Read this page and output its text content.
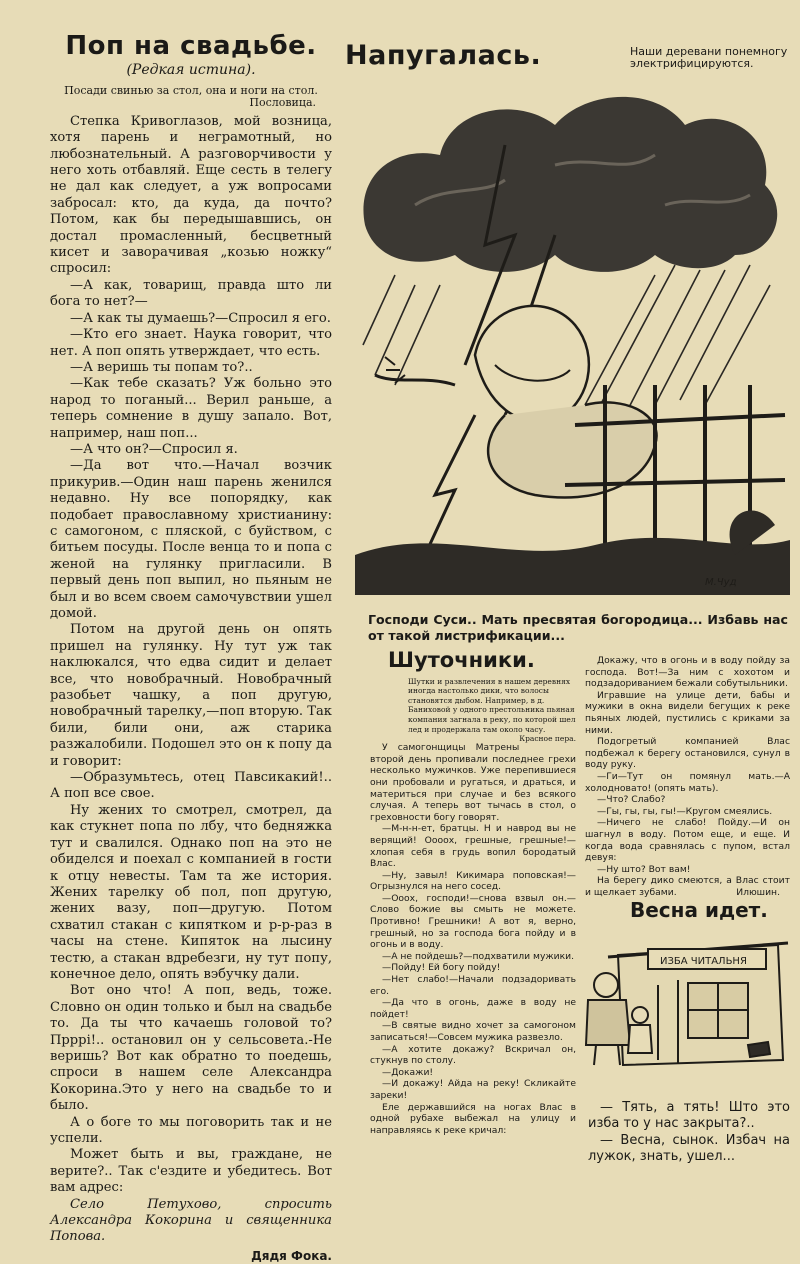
Поп на свадьбе.
(Редкая истина).
Посади свинью за стол, она и ноги на стол.
Пословица.

Степка Кривоглазов, мой возница, хотя парень и неграмотный, но любознательный. А разговорчивости у него хоть отбавляй. Еще сесть в телегу не дал как следует, а уж вопросами забросал: кто, да куда, да почто? Потом, как бы передышавшись, он достал промасленный, бесцветный кисет и заворачивая „козью ножку“ спросил:

—А как, товарищ, правда што ли бога то нет?—

—А как ты думаешь?—Спросил я его.

—Кто его знает. Наука говорит, что нет. А поп опять утверждает, что есть.

—А веришь ты попам то?..

—Как тебе сказать? Уж больно это народ то поганый... Верил раньше, а теперь сомнение в душу запало. Вот, например, наш поп...

—А что он?—Спросил я.

—Да вот что.—Начал возчик прикурив.—Один наш парень женился недавно. Ну все попорядку, как подобает православному христианину: с самогоном, с пляской, с буйством, с битьем посуды. После венца то и попа с женой на гулянку пригласили. В первый день поп выпил, но пьяным не был и во всем своем самочувствии ушел домой.

Потом на другой день он опять пришел на гулянку. Ну тут уж так наклюкался, что едва сидит и делает все, что новобрачный. Новобрачный разобьет чашку, а поп другую, новобрачный тарелку,—поп вторую. Так били, били они, аж старика разжалобили. Подошел это он к попу да и говорит:

—Образумьтесь, отец Павсикакий!.. А поп все свое.

Ну жених то смотрел, смотрел, да как стукнет попа по лбу, что бедняжка тут и свалился. Однако поп на это не обиделся и поехал с компанией в гости к отцу невесты. Там та же история. Жених тарелку об пол, поп другую, жених вазу, поп—другую. Потом схватил стакан с кипятком и р-р-раз в часы на стене. Кипяток на лысину тестю, а стакан вдребезги, ну тут попу, конечное дело, опять вэбучку дали.

Вот оно что! А поп, ведь, тоже. Словно он один только и был на свадьбе то. Да ты что качаешь головой то? Прррі!.. остановил он у сельсовета.-Не веришь? Вот как обратно то поедешь, спроси в нашем селе Александра Кокорина.Это у него на свадьбе то и было.

А о боге то мы поговорить так и не успели.

Может быть и вы, граждане, не верите?.. Так с'ездите и убедитесь. Вот вам адрес:

Село Петухово, спросить Александра Кокорина и священника Попова.
Дядя Фока.
Напугалась.	Наши деревани понемногу электрифицируются.
М.Чуд
Господи Суси.. Мать пресвятая богородица... Избавь нас от такой листрификации...
Шуточники.
Шутки и развлечения в нашем деревнях иногда настолько дики, что волосы становятся дыбом. Например, в д. Баниховой у одного престольника пьяная компания загнала в реку, по которой шел лед и продержала там около часу.
Красное пера.

У самогонщицы Матрены второй день пропивали последнее грехи несколько мужичков. Уже перепившиеся они пробовали и ругаться, и драться, и материться при случае и без всякого случая. А теперь вот тычась в стол, о греховности богу говорят.

—М-н-н-ет, братцы. Н и наврод вы не верящий! Оооох, грешные, грешные!—хлопая себя в грудь вопил бородатый Влас.

—Ну, завыл! Кикимара поповская!—Огрызнулся на него сосед.

—Ооох, господи!—снова взвыл он.— Слово божие вы смыть не можете. Противно! Грешники! А вот я, верно, грешный, но за господа бога пойду и в огонь и в воду.

—А не пойдешь?—подхватили мужики.

—Пойду! Ей богу пойду!

—Нет слабо!—Начали подзадоривать его.

—Да что в огонь, даже в воду не пойдет!

—В святые видно хочет за самогоном записаться!—Совсем мужика развезло.

—А хотите докажу? Вскричал он, стукнув по столу.

—Докажи!

—И докажу! Айда на реку! Скликайте зареки!

Еле державшийся на ногах Влас в одной рубахе выбежал на улицу и направляясь к реке кричал:

Докажу, что в огонь и в воду пойду за господа. Вот!—За ним с хохотом и подзадориванием бежали собутыльники.

Игравшие на улице дети, бабы и мужики в окна видели бегущих к реке пьяных людей, пустились с криками за ними.

Подогретый компанией Влас подбежал к берегу остановился, сунул в воду руку.

—Ги—Тут он помянул мать.—А холодновато! (опять мать).

—Что? Слабо?

—Гы, гы, гы, гы!—Кругом смеялись.

—Ничего не слабо! Пойду.—И он шагнул в воду. Потом еще, и еще. И когда вода сравнялась с пупом, встал девуя:

—Ну што? Вот вам!

На берегу дико смеются, а Влас стоит и щелкает зубами.	Илюшин.
Весна идет.
ИЗБА ЧИТАЛЬНЯ

— Тять, а тять! Што это изба то у нас закрыта?..

— Весна, сынок. Избач на лужок, знать, ушел...
